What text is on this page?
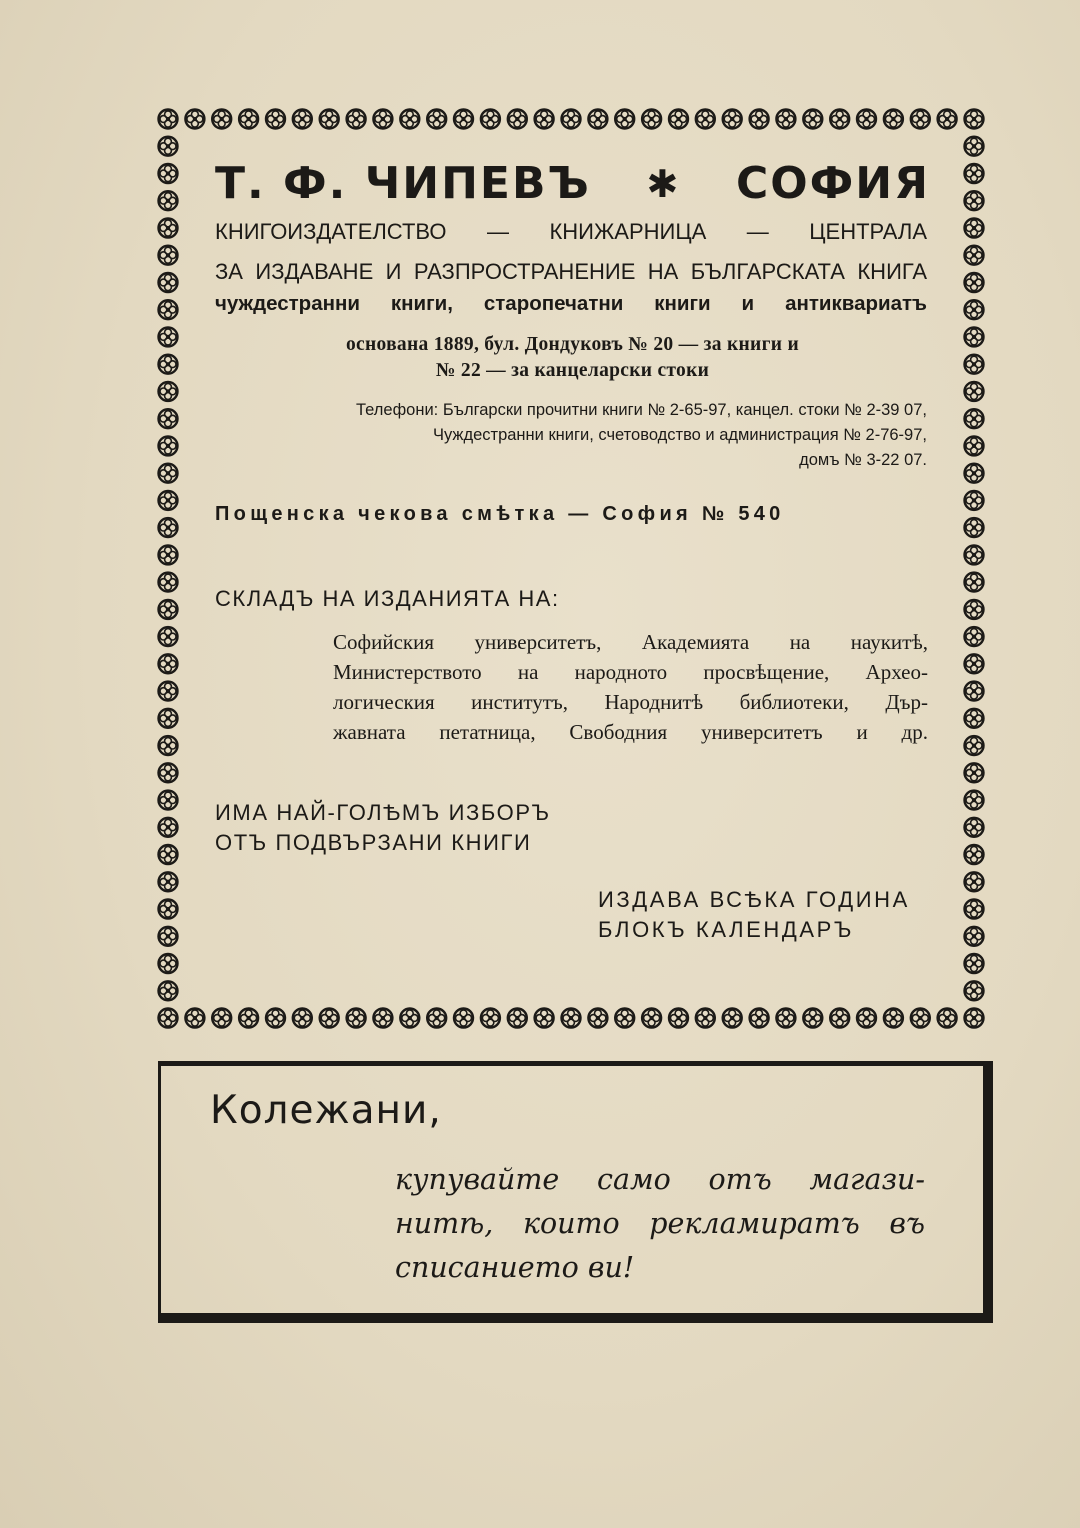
Т. Ф. ЧИПЕВЪ ✱ СОФИЯ
КНИГОИЗДАТЕЛСТВО — КНИЖАРНИЦА — ЦЕНТРАЛА
ЗА ИЗДАВАНЕ И РАЗПРОСТРАНЕНИЕ НА БЪЛГАРСКАТА КНИГА
чуждестранни книги, старопечатни книги и антиквариатъ
основана 1889, бул. Дондуковъ № 20 — за книги и
№ 22 — за канцеларски стоки
Телефони: Български прочитни книги № 2-65-97, канцел. стоки № 2-39 07,
Чуждестранни книги, счетоводство и администрация № 2-76-97,
домъ № 3-22 07.
Пощенска чекова смѣтка — София № 540
СКЛАДЪ НА ИЗДАНИЯТА НА:
Софийския университетъ, Академията на наукитѣ,
Министерството на народното просвѣщение, Архео-
логическия институтъ, Народнитѣ библиотеки, Дър-
жавната петатница, Свободния университетъ и др.
ИМА НАЙ-ГОЛѢМЪ ИЗБОРЪ
ОТЪ ПОДВЪРЗАНИ КНИГИ
ИЗДАВА ВСѢКА ГОДИНА
БЛОКЪ КАЛЕНДАРЪ
Колежани,
купувайте само отъ магази-
нитѣ, които рекламиратъ въ
списанието ви!
